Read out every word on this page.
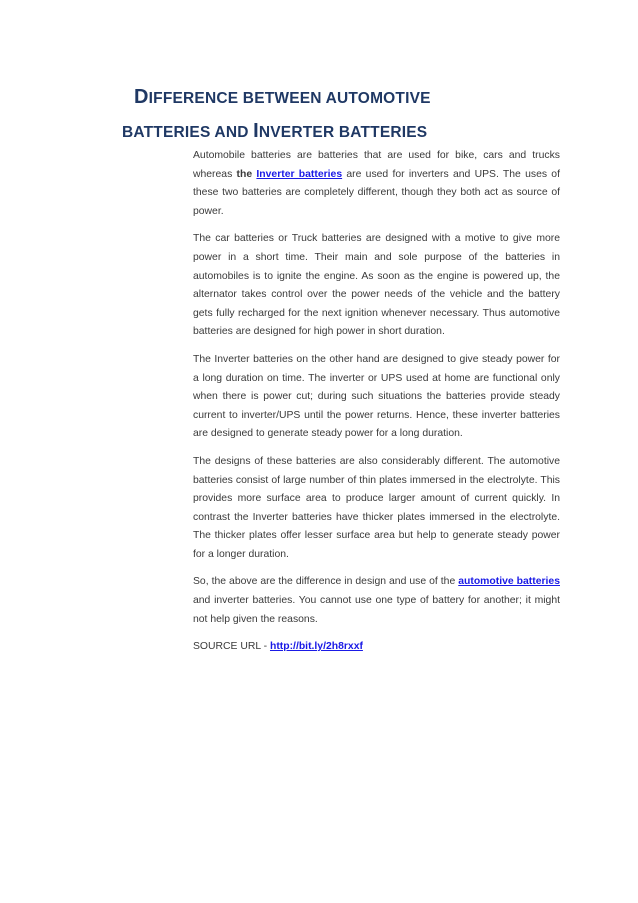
DIFFERENCE BETWEEN AUTOMOTIVE
BATTERIES AND INVERTER BATTERIES

Automobile batteries are batteries that are used for bike, cars and trucks whereas the Inverter batteries are used for inverters and UPS. The uses of these two batteries are completely different, though they both act as source of power.

The car batteries or Truck batteries are designed with a motive to give more power in a short time. Their main and sole purpose of the batteries in automobiles is to ignite the engine. As soon as the engine is powered up, the alternator takes control over the power needs of the vehicle and the battery gets fully recharged for the next ignition whenever necessary. Thus automotive batteries are designed for high power in short duration.

The Inverter batteries on the other hand are designed to give steady power for a long duration on time. The inverter or UPS used at home are functional only when there is power cut; during such situations the batteries provide steady current to inverter/UPS until the power returns. Hence, these inverter batteries are designed to generate steady power for a long duration.

The designs of these batteries are also considerably different. The automotive batteries consist of large number of thin plates immersed in the electrolyte. This provides more surface area to produce larger amount of current quickly. In contrast the Inverter batteries have thicker plates immersed in the electrolyte. The thicker plates offer lesser surface area but help to generate steady power for a longer duration.

So, the above are the difference in design and use of the automotive batteries and inverter batteries. You cannot use one type of battery for another; it might not help given the reasons.

SOURCE URL - http://bit.ly/2h8rxxf
